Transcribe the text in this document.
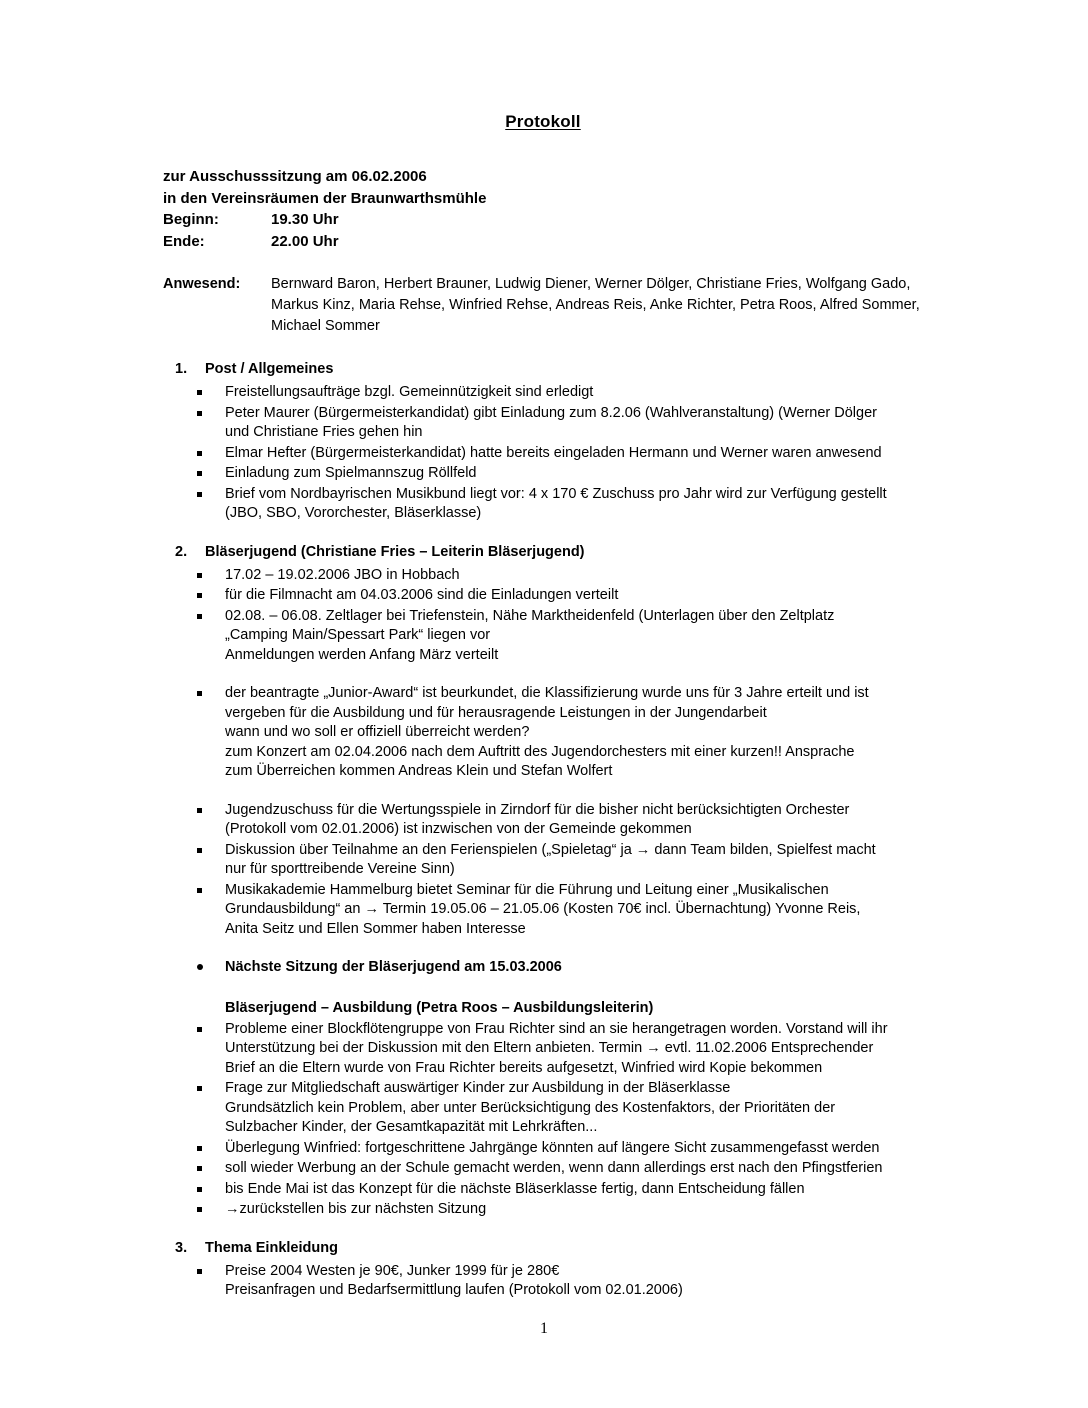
Protokoll
zur Ausschusssitzung am 06.02.2006
in den Vereinsräumen der Braunwarthsmühle
Beginn:	19.30 Uhr
Ende:	22.00 Uhr
Anwesend:	Bernward Baron, Herbert Brauner, Ludwig Diener, Werner Dölger, Christiane Fries, Wolfgang Gado, Markus Kinz, Maria Rehse, Winfried Rehse, Andreas Reis, Anke Richter, Petra Roos, Alfred Sommer, Michael Sommer
1.	Post / Allgemeines
Freistellungsaufträge bzgl. Gemeinnützigkeit sind erledigt
Peter Maurer (Bürgermeisterkandidat) gibt Einladung zum 8.2.06 (Wahlveranstaltung) (Werner Dölger
und Christiane Fries gehen hin
Elmar Hefter (Bürgermeisterkandidat) hatte bereits eingeladen Hermann und Werner waren anwesend
Einladung zum Spielmannszug Röllfeld
Brief vom Nordbayrischen Musikbund liegt vor: 4 x 170 € Zuschuss pro Jahr wird zur Verfügung gestellt
(JBO, SBO, Vororchester, Bläserklasse)
2.	Bläserjugend (Christiane Fries – Leiterin Bläserjugend)
17.02 – 19.02.2006 JBO in Hobbach
für die Filmnacht am 04.03.2006 sind die Einladungen verteilt
02.08. – 06.08. Zeltlager bei Triefenstein, Nähe Marktheidenfeld (Unterlagen über den Zeltplatz
„Camping Main/Spessart Park“ liegen vor
Anmeldungen werden Anfang März verteilt
der beantragte „Junior-Award“ ist beurkundet, die Klassifizierung wurde uns für 3 Jahre erteilt und ist
vergeben für die Ausbildung und für herausragende Leistungen in der Jungendarbeit
wann und wo soll er offiziell überreicht werden?
zum Konzert am 02.04.2006 nach dem Auftritt des Jugendorchesters mit einer kurzen!! Ansprache
zum Überreichen kommen Andreas Klein und Stefan Wolfert
Jugendzuschuss für die Wertungsspiele in Zirndorf für die bisher nicht berücksichtigten Orchester
(Protokoll vom 02.01.2006) ist inzwischen von der Gemeinde gekommen
Diskussion über Teilnahme an den Ferienspielen („Spieletag“ ja → dann Team bilden, Spielfest macht
nur für sporttreibende Vereine Sinn)
Musikakademie Hammelburg bietet Seminar für die Führung und Leitung einer „Musikalischen
Grundausbildung“ an → Termin 19.05.06 – 21.05.06 (Kosten 70€ incl. Übernachtung) Yvonne Reis,
Anita Seitz und Ellen Sommer haben Interesse
Nächste Sitzung der Bläserjugend am 15.03.2006
Bläserjugend – Ausbildung (Petra Roos – Ausbildungsleiterin)
Probleme einer Blockflötengruppe von Frau Richter sind an sie herangetragen worden. Vorstand will ihr
Unterstützung bei der Diskussion mit den Eltern anbieten. Termin → evtl. 11.02.2006 Entsprechender
Brief an die Eltern wurde von Frau Richter bereits aufgesetzt, Winfried wird Kopie bekommen
Frage zur Mitgliedschaft auswärtiger Kinder zur Ausbildung in der Bläserklasse
Grundsätzlich kein Problem, aber unter Berücksichtigung des Kostenfaktors, der Prioritäten der
Sulzbacher Kinder, der Gesamtkapazität mit Lehrkräften...
Überlegung Winfried: fortgeschrittene Jahrgänge könnten auf längere Sicht zusammengefasst werden
soll wieder Werbung an der Schule gemacht werden, wenn dann allerdings erst nach den Pfingstferien
bis Ende Mai ist das Konzept für die nächste Bläserklasse fertig, dann Entscheidung fällen
→zurückstellen bis zur nächsten Sitzung
3.	Thema Einkleidung
Preise 2004 Westen je 90€, Junker 1999 für je 280€
Preisanfragen und Bedarfsermittlung laufen (Protokoll vom 02.01.2006)
1
